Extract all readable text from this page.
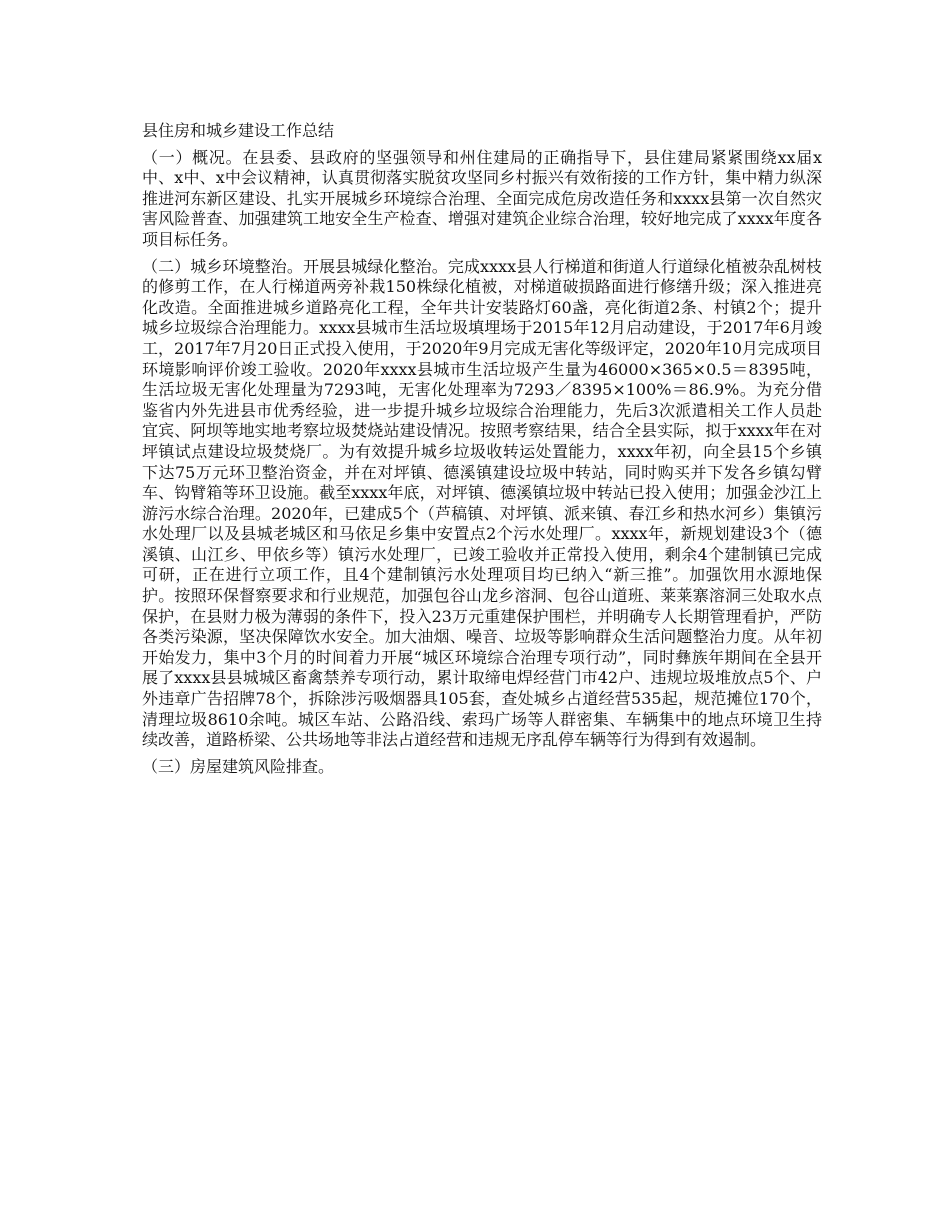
县住房和城乡建设工作总结

（一）概况。在县委、县政府的坚强领导和州住建局的正确指导下，县住建局紧紧围绕xx届x中、x中、x中会议精神，认真贯彻落实脱贫攻坚同乡村振兴有效衔接的工作方针，集中精力纵深推进河东新区建设、扎实开展城乡环境综合治理、全面完成危房改造任务和xxxx县第一次自然灾害风险普查、加强建筑工地安全生产检查、增强对建筑企业综合治理，较好地完成了xxxx年度各项目标任务。

（二）城乡环境整治。开展县城绿化整治。完成xxxx县人行梯道和街道人行道绿化植被杂乱树枝的修剪工作，在人行梯道两旁补栽150株绿化植被，对梯道破损路面进行修缮升级；深入推进亮化改造。全面推进城乡道路亮化工程，全年共计安装路灯60盏，亮化街道2条、村镇2个；提升城乡垃圾综合治理能力。xxxx县城市生活垃圾填埋场于2015年12月启动建设，于2017年6月竣工，2017年7月20日正式投入使用，于2020年9月完成无害化等级评定，2020年10月完成项目环境影响评价竣工验收。2020年xxxx县城市生活垃圾产生量为46000×365×0.5＝8395吨，生活垃圾无害化处理量为7293吨，无害化处理率为7293／8395×100%＝86.9%。为充分借鉴省内外先进县市优秀经验，进一步提升城乡垃圾综合治理能力，先后3次派遣相关工作人员赴宜宾、阿坝等地实地考察垃圾焚烧站建设情况。按照考察结果，结合全县实际，拟于xxxx年在对坪镇试点建设垃圾焚烧厂。为有效提升城乡垃圾收转运处置能力，xxxx年初，向全县15个乡镇下达75万元环卫整治资金，并在对坪镇、德溪镇建设垃圾中转站，同时购买并下发各乡镇勾臂车、钩臂箱等环卫设施。截至xxxx年底，对坪镇、德溪镇垃圾中转站已投入使用；加强金沙江上游污水综合治理。2020年，已建成5个（芦稿镇、对坪镇、派来镇、春江乡和热水河乡）集镇污水处理厂以及县城老城区和马依足乡集中安置点2个污水处理厂。xxxx年，新规划建设3个（德溪镇、山江乡、甲依乡等）镇污水处理厂，已竣工验收并正常投入使用，剩余4个建制镇已完成可研，正在进行立项工作，且4个建制镇污水处理项目均已纳入“新三推”。加强饮用水源地保护。按照环保督察要求和行业规范，加强包谷山龙乡溶洞、包谷山道班、莱莱寨溶洞三处取水点保护，在县财力极为薄弱的条件下，投入23万元重建保护围栏，并明确专人长期管理看护，严防各类污染源，坚决保障饮水安全。加大油烟、噪音、垃圾等影响群众生活问题整治力度。从年初开始发力，集中3个月的时间着力开展“城区环境综合治理专项行动”，同时彝族年期间在全县开展了xxxx县县城城区畜禽禁养专项行动，累计取缔电焊经营门市42户、违规垃圾堆放点5个、户外违章广告招牌78个，拆除涉污吸烟器具105套，查处城乡占道经营535起，规范摊位170个，清理垃圾8610余吨。城区车站、公路沿线、索玛广场等人群密集、车辆集中的地点环境卫生持续改善，道路桥梁、公共场地等非法占道经营和违规无序乱停车辆等行为得到有效遏制。

（三）房屋建筑风险排查。
